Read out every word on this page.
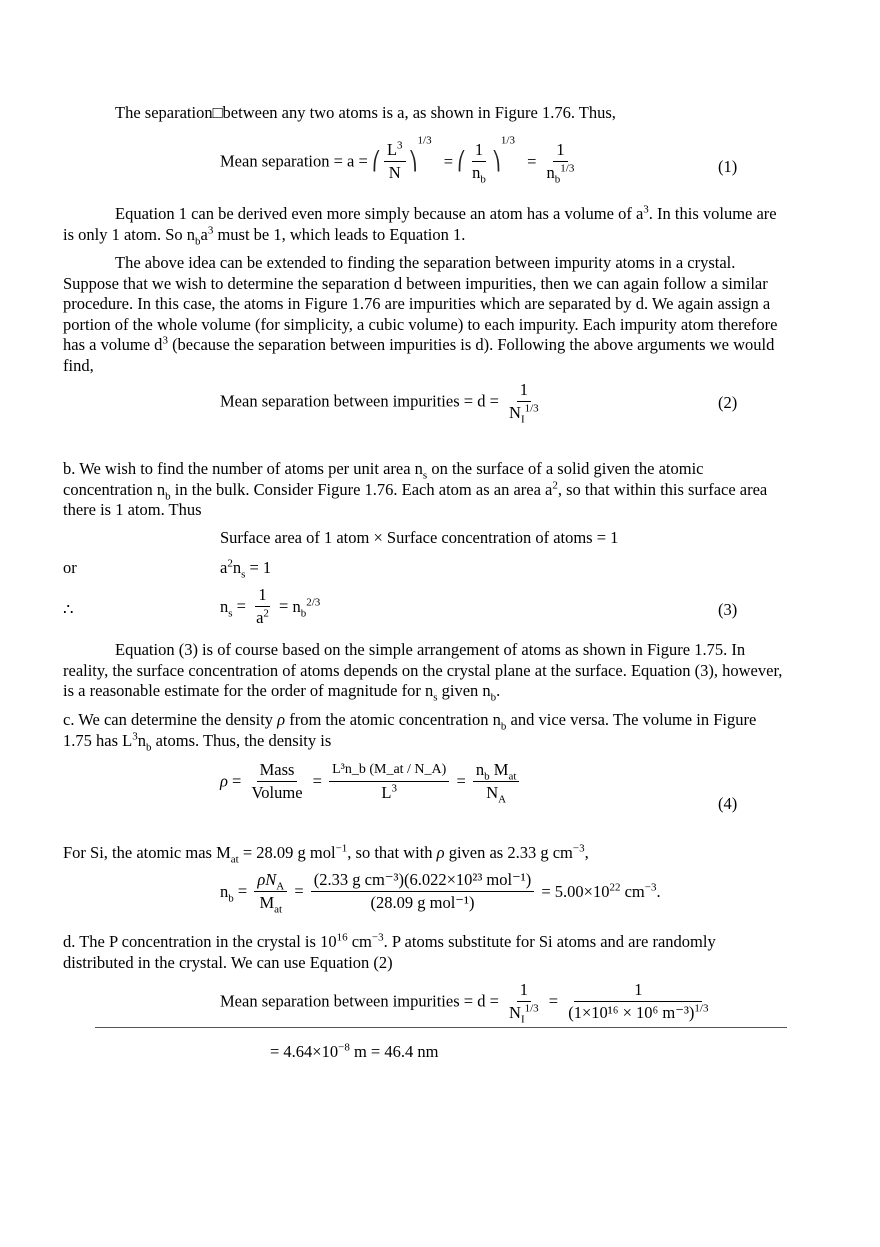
The separation□between any two atoms is a, as shown in Figure 1.76. Thus,
Mean separation = a = ⎛ $\frac{L^3}{N}$ ⎞$^{1/3}$ = ⎛ $\frac{1}{n_b}$ ⎞$^{1/3}$ = $\frac{1}{n_b^{1/3}}$	(1)
Equation 1 can be derived even more simply because an atom has a volume of $a^3$. In this volume are is only 1 atom. So $n_ba^3$ must be 1, which leads to Equation 1.
The above idea can be extended to finding the separation between impurity atoms in a crystal. Suppose that we wish to determine the separation d between impurities, then we can again follow a similar procedure. In this case, the atoms in Figure 1.76 are impurities which are separated by d. We again assign a portion of the whole volume (for simplicity, a cubic volume) to each impurity. Each impurity atom therefore has a volume $d^3$ (because the separation between impurities is d). Following the above arguments we would find,
Mean separation between impurities = $d = \frac{1}{N_I^{1/3}}$	(2)
b. We wish to find the number of atoms per unit area $n_s$ on the surface of a solid given the atomic concentration $n_b$ in the bulk. Consider Figure 1.76. Each atom as an area $a^2$, so that within this surface area there is 1 atom. Thus
Surface area of 1 atom × Surface concentration of atoms = 1
or	$a^2n_s = 1$
∴	$n_s = \frac{1}{a^2} = n_b^{2/3}$	(3)
Equation (3) is of course based on the simple arrangement of atoms as shown in Figure 1.75. In reality, the surface concentration of atoms depends on the crystal plane at the surface. Equation (3), however, is a reasonable estimate for the order of magnitude for $n_s$ given $n_b$.
c. We can determine the density ρ from the atomic concentration $n_b$ and vice versa. The volume in Figure 1.75 has $L^3n_b$ atoms. Thus, the density is
$\rho = \frac{\text{Mass}}{\text{Volume}} = \frac{\text{L³n\_b (M\_at / N\_A)}}{L^3} = \frac{n_b M_{at}}{N_A}$
(4)
For Si, the atomic mas $M_{at} = 28.09$ g mol$^{-1}$, so that with ρ given as 2.33 g $cm^{-3}$,
$n_b = \frac{\rho N_A}{M_{at}} = \frac{\text{(2.33 g cm⁻³)(6.022×10²³ mol⁻¹)}}{\text{(28.09 g mol⁻¹)}} = 5.00\times 10^{22}$ $cm^{-3}$.
d. The P concentration in the crystal is $10^{16}$ $cm^{-3}$. P atoms substitute for Si atoms and are randomly distributed in the crystal. We can use Equation (2)
Mean separation between impurities = $d = \frac{1}{N_I^{1/3}} = \frac{1}{(1\times 10^{16} \times 10^6 m^{-3})^{1/3}}$
= $4.64\times 10^{-8}$ m = 46.4 nm
